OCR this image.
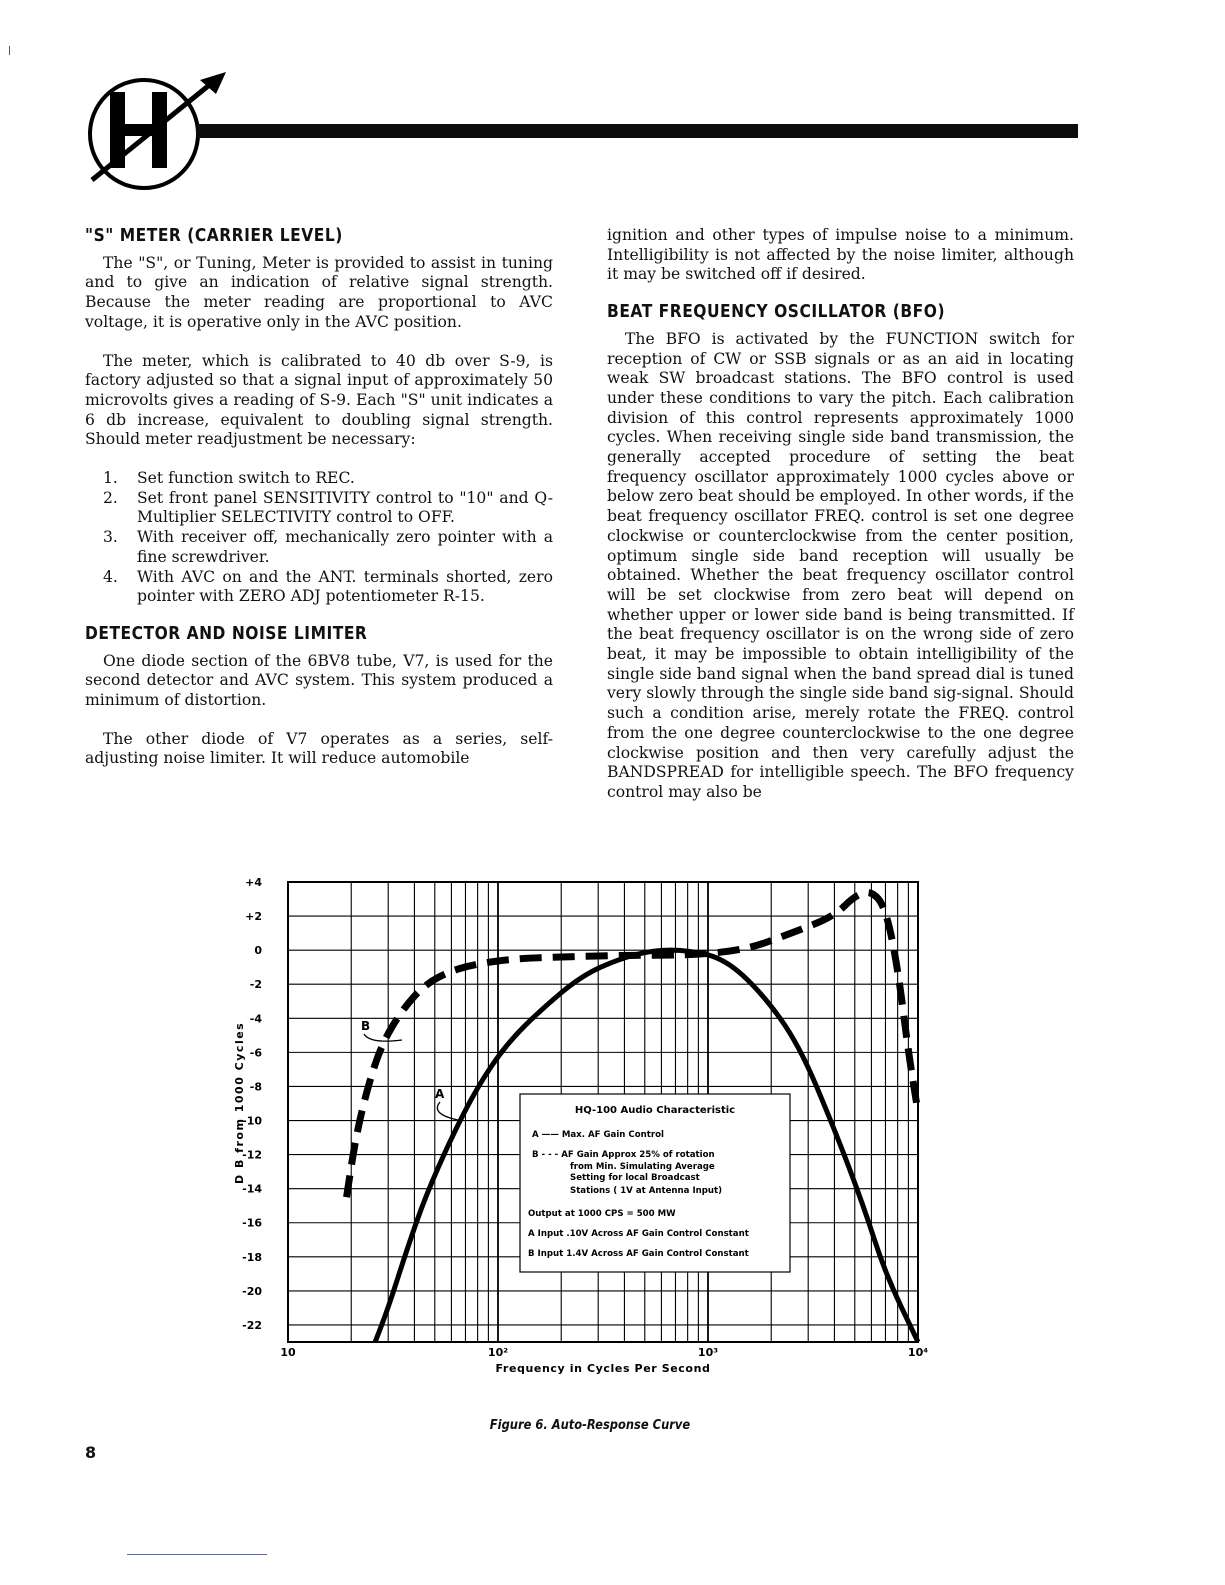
"S" METER (CARRIER LEVEL)

The "S", or Tuning, Meter is provided to assist in tuning and to give an indication of relative signal strength. Because the meter reading are proportional to AVC voltage, it is operative only in the AVC position.

The meter, which is calibrated to 40 db over S-9, is factory adjusted so that a signal input of approximately 50 microvolts gives a reading of S-9. Each "S" unit indicates a 6 db increase, equivalent to doubling signal strength. Should meter readjustment be necessary:

1. Set function switch to REC.
2. Set front panel SENSITIVITY control to "10" and Q-Multiplier SELECTIVITY control to OFF.
3. With receiver off, mechanically zero pointer with a fine screwdriver.
4. With AVC on and the ANT. terminals shorted, zero pointer with ZERO ADJ potentiometer R-15.
DETECTOR AND NOISE LIMITER

One diode section of the 6BV8 tube, V7, is used for the second detector and AVC system. This system produced a minimum of distortion.

The other diode of V7 operates as a series, self-adjusting noise limiter. It will reduce automobile

ignition and other types of impulse noise to a minimum. Intelligibility is not affected by the noise limiter, although it may be switched off if desired.

BEAT FREQUENCY OSCILLATOR (BFO)

The BFO is activated by the FUNCTION switch for reception of CW or SSB signals or as an aid in locating weak SW broadcast stations. The BFO control is used under these conditions to vary the pitch. Each calibration division of this control represents approximately 1000 cycles. When receiving single side band transmission, the generally accepted procedure of setting the beat frequency oscillator approximately 1000 cycles above or below zero beat should be employed. In other words, if the beat frequency oscillator FREQ. control is set one degree clockwise or counterclockwise from the center position, optimum single side band reception will usually be obtained. Whether the beat frequency oscillator control will be set clockwise from zero beat will depend on whether upper or lower side band is being transmitted. If the beat frequency oscillator is on the wrong side of zero beat, it may be impossible to obtain intelligibility of the single side band signal when the band spread dial is tuned very slowly through the single side band sig-signal. Should such a condition arise, merely rotate the FREQ. control from the one degree counterclockwise to the one degree clockwise position and then very carefully adjust the BANDSPREAD for intelligible speech. The BFO frequency control may also be

+4
+2
0
-2
-4
-6
-8
-10
-12
-14
-16
-18
-20
-22
10	10²	10³	10⁴
HQ-100 Audio Characteristic
A —— Max. AF Gain Control
B - - - AF Gain Approx 25% of rotation
from Min. Simulating Average
Setting for local Broadcast
Stations ( 1V at Antenna Input)
Output at 1000 CPS = 500 MW
A Input .10V Across AF Gain Control Constant
B Input 1.4V Across AF Gain Control Constant
B
A
D B from 1000 Cycles
Frequency in Cycles Per Second
Figure 6. Auto-Response Curve
8
